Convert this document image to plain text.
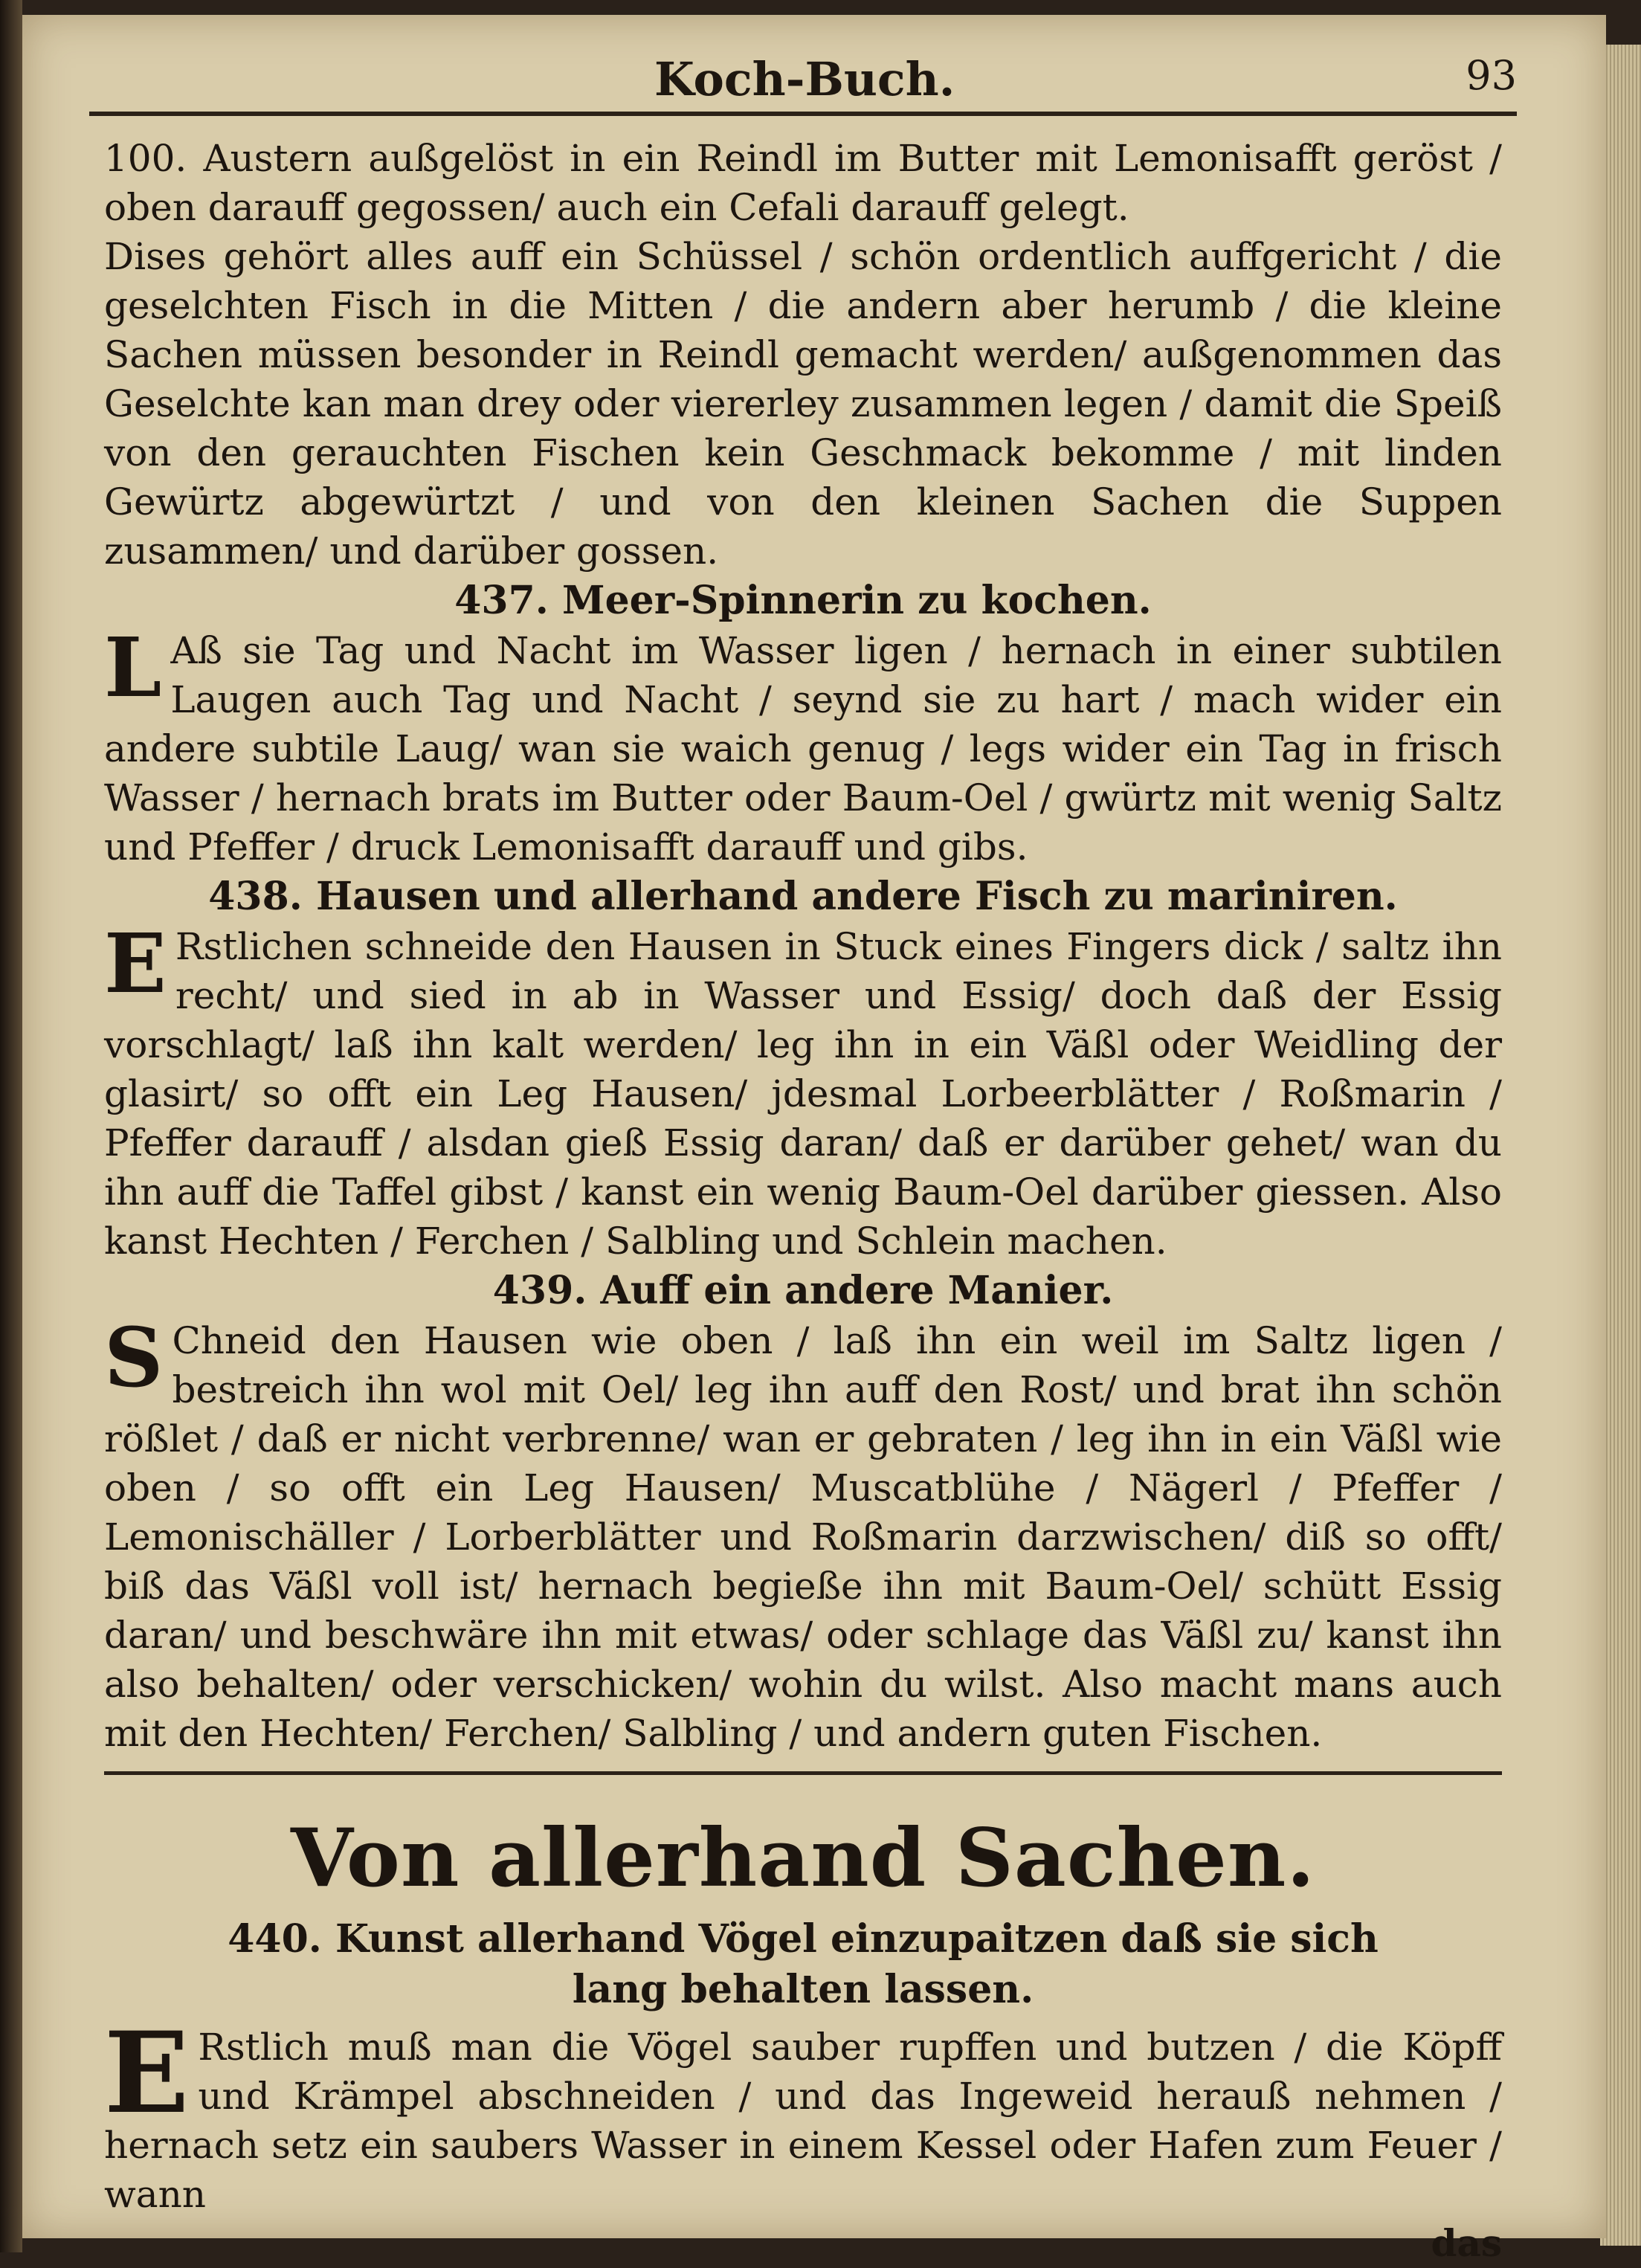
Koch-Buch.	93

100. Austern außgelöst in ein Reindl im Butter mit Lemonisafft geröst / oben darauff gegossen/ auch ein Cefali darauff gelegt.

Dises gehört alles auff ein Schüssel / schön ordentlich auffgericht / die geselchten Fisch in die Mitten / die andern aber herumb / die kleine Sachen müssen besonder in Reindl gemacht werden/ außgenommen das Geselchte kan man drey oder viererley zusammen legen / damit die Speiß von den gerauchten Fischen kein Geschmack bekomme / mit linden Gewürtz abgewürtzt / und von den kleinen Sachen die Suppen zusammen/ und darüber gossen.

437. Meer-Spinnerin zu kochen.

L Aß sie Tag und Nacht im Wasser ligen / hernach in einer subtilen Laugen auch Tag und Nacht / seynd sie zu hart / mach wider ein andere subtile Laug/ wan sie waich genug / legs wider ein Tag in frisch Wasser / hernach brats im Butter oder Baum-Oel / gwürtz mit wenig Saltz und Pfeffer / druck Lemonisafft darauff und gibs.

438. Hausen und allerhand andere Fisch zu mariniren.

E Rstlichen schneide den Hausen in Stuck eines Fingers dick / saltz ihn recht/ und sied in ab in Wasser und Essig/ doch daß der Essig vorschlagt/ laß ihn kalt werden/ leg ihn in ein Väßl oder Weidling der glasirt/ so offt ein Leg Hausen/ jdesmal Lorbeerblätter / Roßmarin / Pfeffer darauff / alsdan gieß Essig daran/ daß er darüber gehet/ wan du ihn auff die Taffel gibst / kanst ein wenig Baum-Oel darüber giessen. Also kanst Hechten / Ferchen / Salbling und Schlein machen.

439. Auff ein andere Manier.

S Chneid den Hausen wie oben / laß ihn ein weil im Saltz ligen / bestreich ihn wol mit Oel/ leg ihn auff den Rost/ und brat ihn schön rößlet / daß er nicht verbrenne/ wan er gebraten / leg ihn in ein Väßl wie oben / so offt ein Leg Hausen/ Muscatblühe / Nägerl / Pfeffer / Lemonischäller / Lorberblätter und Roßmarin darzwischen/ diß so offt/ biß das Väßl voll ist/ hernach begieße ihn mit Baum-Oel/ schütt Essig daran/ und beschwäre ihn mit etwas/ oder schlage das Väßl zu/ kanst ihn also behalten/ oder verschicken/ wohin du wilst. Also macht mans auch mit den Hechten/ Ferchen/ Salbling / und andern guten Fischen.

Von allerhand Sachen.
440. Kunst allerhand Vögel einzupaitzen daß sie sich
lang behalten lassen.

E Rstlich muß man die Vögel sauber rupffen und butzen / die Köpff und Krämpel abschneiden / und das Ingeweid herauß nehmen / hernach setz ein saubers Wasser in einem Kessel oder Hafen zum Feuer / wann

das
